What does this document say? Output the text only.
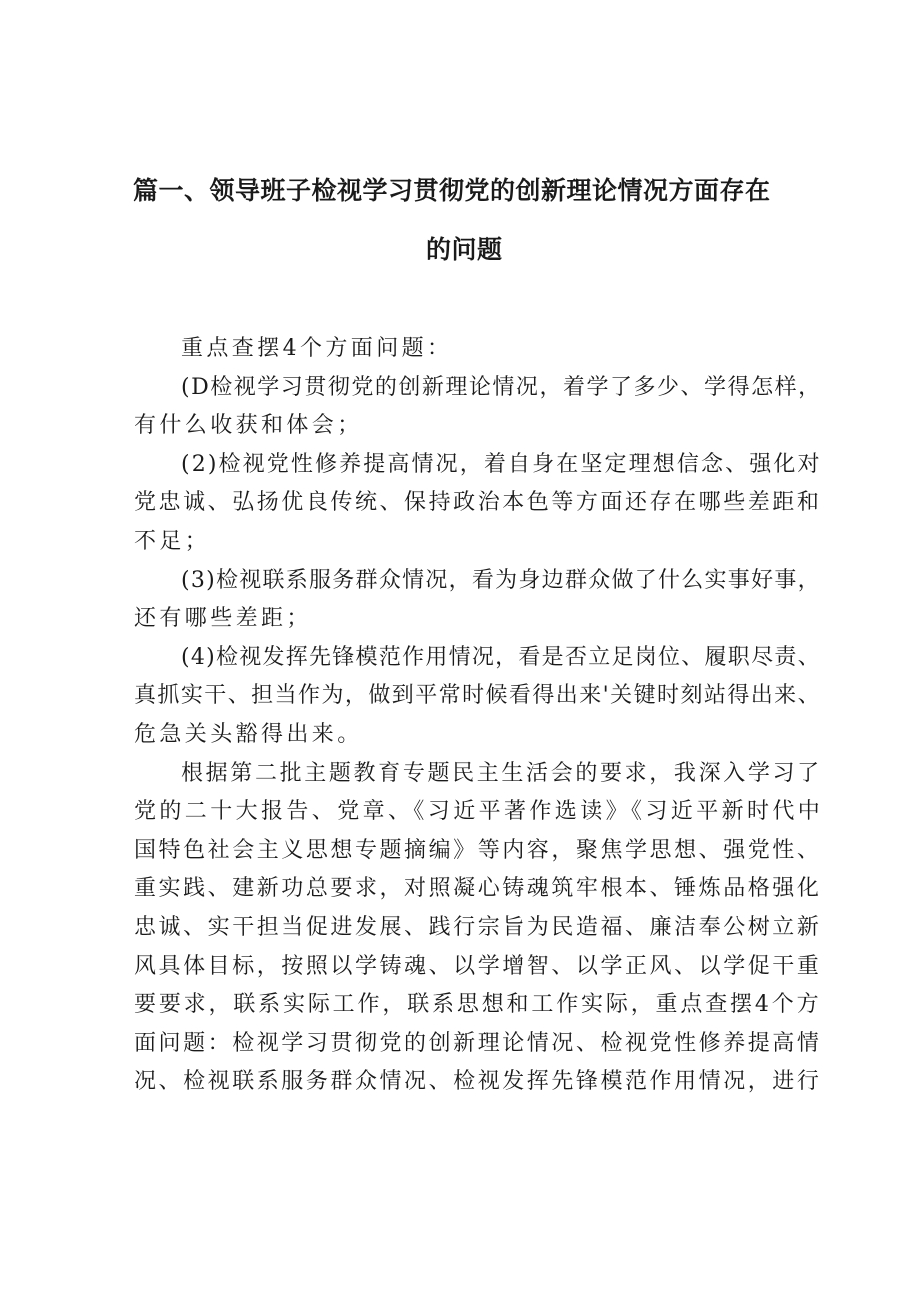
篇一、领导班子检视学习贯彻党的创新理论情况方面存在
的问题
重点查摆4个方面问题：
(D检视学习贯彻党的创新理论情况，着学了多少、学得怎样，
有什么收获和体会；
(2)检视党性修养提高情况，着自身在坚定理想信念、强化对
党忠诚、弘扬优良传统、保持政治本色等方面还存在哪些差距和
不足；
(3)检视联系服务群众情况，看为身边群众做了什么实事好事，
还有哪些差距；
(4)检视发挥先锋模范作用情况，看是否立足岗位、履职尽责、
真抓实干、担当作为，做到平常时候看得出来'关键时刻站得出来、
危急关头豁得出来。
根据第二批主题教育专题民主生活会的要求，我深入学习了
党的二十大报告、党章、《习近平著作选读》《习近平新时代中
国特色社会主义思想专题摘编》等内容，聚焦学思想、强党性、
重实践、建新功总要求，对照凝心铸魂筑牢根本、锤炼品格强化
忠诚、实干担当促进发展、践行宗旨为民造福、廉洁奉公树立新
风具体目标，按照以学铸魂、以学增智、以学正风、以学促干重
要要求，联系实际工作，联系思想和工作实际，重点查摆4个方
面问题：检视学习贯彻党的创新理论情况、检视党性修养提高情
况、检视联系服务群众情况、检视发挥先锋模范作用情况，进行
